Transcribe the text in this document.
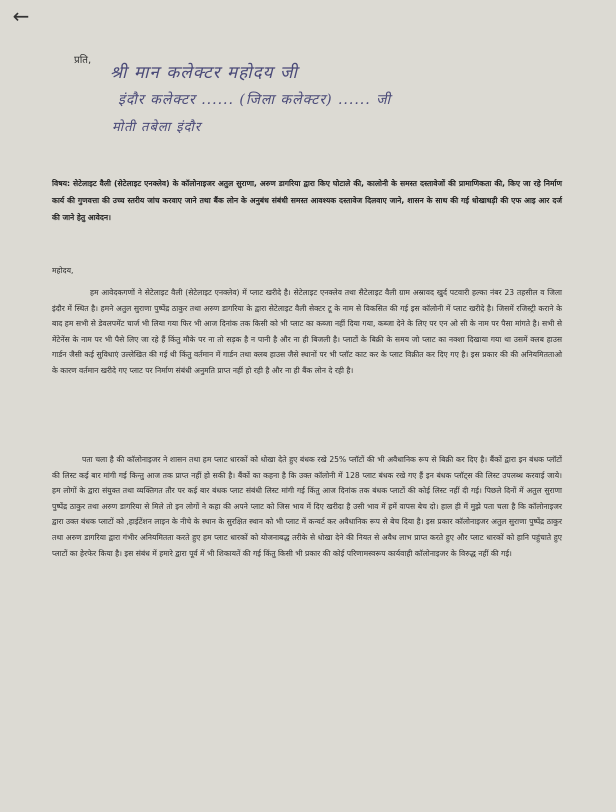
←
प्रति,
श्री मान कलेक्टर महोदय जी
इंदौर कलेक्टर ...... (जिला कलेक्टर) ...... जी
मोती तबेला इंदौर
विषय: सेटेलाइट वैली (सेटेलाइट एनक्लेव) के कॉलोनाइजर अतुल सुराणा, अरुण डागरिया द्वारा किए घोटाले की, कालोनी के समस्त दस्तावेजों की प्रामाणिकता की, किए जा रहे निर्माण कार्य की गुणवत्ता की उच्च स्तरीय जांच करवाए जाने तथा बैंक लोन के अनुबंध संबंधी समस्त आवश्यक दस्तावेज दिलवाए जाने, शासन के साथ की गई धोखाधड़ी की एफ आइ आर दर्ज की जाने हेतु आवेदन।
महोदय,
हम आवेदकगणों ने सेटेलाइट वैली (सेटेलाइट एनक्लेव) में प्लाट खरीदे है। सेटेलाइट एनक्लेव तथा सैटेलाइट वैली ग्राम अस्रावद खुर्द पटवारी हल्का नंबर 23 तहसील व जिला इंदौर में स्थित है। हमने अतुल सुराणा पुष्पेंद्र ठाकुर तथा अरुण डागरिया के द्वारा सेटेलाइट वैली सेक्टर टू के नाम से विकसित की गई इस कॉलोनी में प्लाट खरीदे है। जिसमें रजिस्ट्री कराने के बाद हम सभी से डेवलपमेंट चार्ज भी लिया गया फिर भी आज दिनांक तक किसी को भी प्लाट का कब्जा नहीं दिया गया, कब्जा देने के लिए पर एन ओ सी के नाम पर पैसा मांगते है। सभी से मेंटेनेंस के नाम पर भी पैसे लिए जा रहे हैं किंतु मौके पर ना तो सड़क है न पानी है और ना ही बिजली है। प्लाटों के बिक्री के समय जो प्लाट का नक्शा दिखाया गया था उसमें क्लब हाउस गार्डन जैसी कई सुविधाएं उल्लेखित की गई थी किंतु वर्तमान में गार्डन तथा क्लब हाउस जैसे स्थानों पर भी प्लॉट काट कर के प्लाट विक्रीत कर दिए गए है। इस प्रकार की की अनियमितताओ के कारण वर्तमान खरीदे गए प्लाट पर निर्माण संबंधी अनुमति प्राप्त नहीं हो रही है और ना ही बैंक लोन दे रही है।
पता चला है की कॉलोनाइजर ने शासन तथा हम प्लाट धारकों को धोखा देते हुए बंधक रखे 25% प्लॉटों की भी अवैधानिक रूप से बिक्री कर दिए है। बैंकों द्वारा इन बंधक प्लॉटों की लिस्ट कई बार मांगी गई किन्तु आज तक प्राप्त नहीं हो सकी है। बैंकों का कहना है कि उक्त कॉलोनी में 128 प्लाट बंधक रखे गए हैं इन बंधक प्लॉट्स की लिस्ट उपलब्ध करवाई जाये। हम लोगों के द्वारा संयुक्त तथा व्यक्तिगत तौर पर कई बार बंधक प्लाट संबंधी लिस्ट मांगी गई किंतु आज दिनांक तक बंधक प्लाटों की कोई लिस्ट नहीं दी गई। पिछले दिनों में अतुल सुराणा पुष्पेंद्र ठाकुर तथा अरुण डागरिया से मिले तो इन लोगों ने कहा की अपने प्लाट को जिस भाव में दिए खरीदा है उसी भाव में हमें वापस बेच दो। हाल ही में मुझे पता चला है कि कॉलोनाइजर द्वारा उक्त बंधक प्लाटों को ,हाईटेंशन लाइन के नीचे के स्थान के सुरक्षित स्थान को भी प्लाट में कन्वर्ट कर अवैधानिक रूप से बेच दिया है। इस प्रकार कॉलोनाइजर अतुल सुराणा पुष्पेंद्र ठाकुर तथा अरुण डागरिया द्वारा गंभीर अनियमितता करते हुए हम प्लाट धारकों को योजनाबद्ध तरीके से धोखा देने की नियत से अवैध लाभ प्राप्त करते हुए और प्लाट धारकों को हानि पहुंचाते हुए प्लाटों का हेरफेर किया है। इस संबंध में हमारे द्वारा पूर्व में भी शिकायतें की गई किंतु किसी भी प्रकार की कोई परिणामस्वरूप कार्यवाही कॉलोनाइजर के विरुद्ध नहीं की गई।
